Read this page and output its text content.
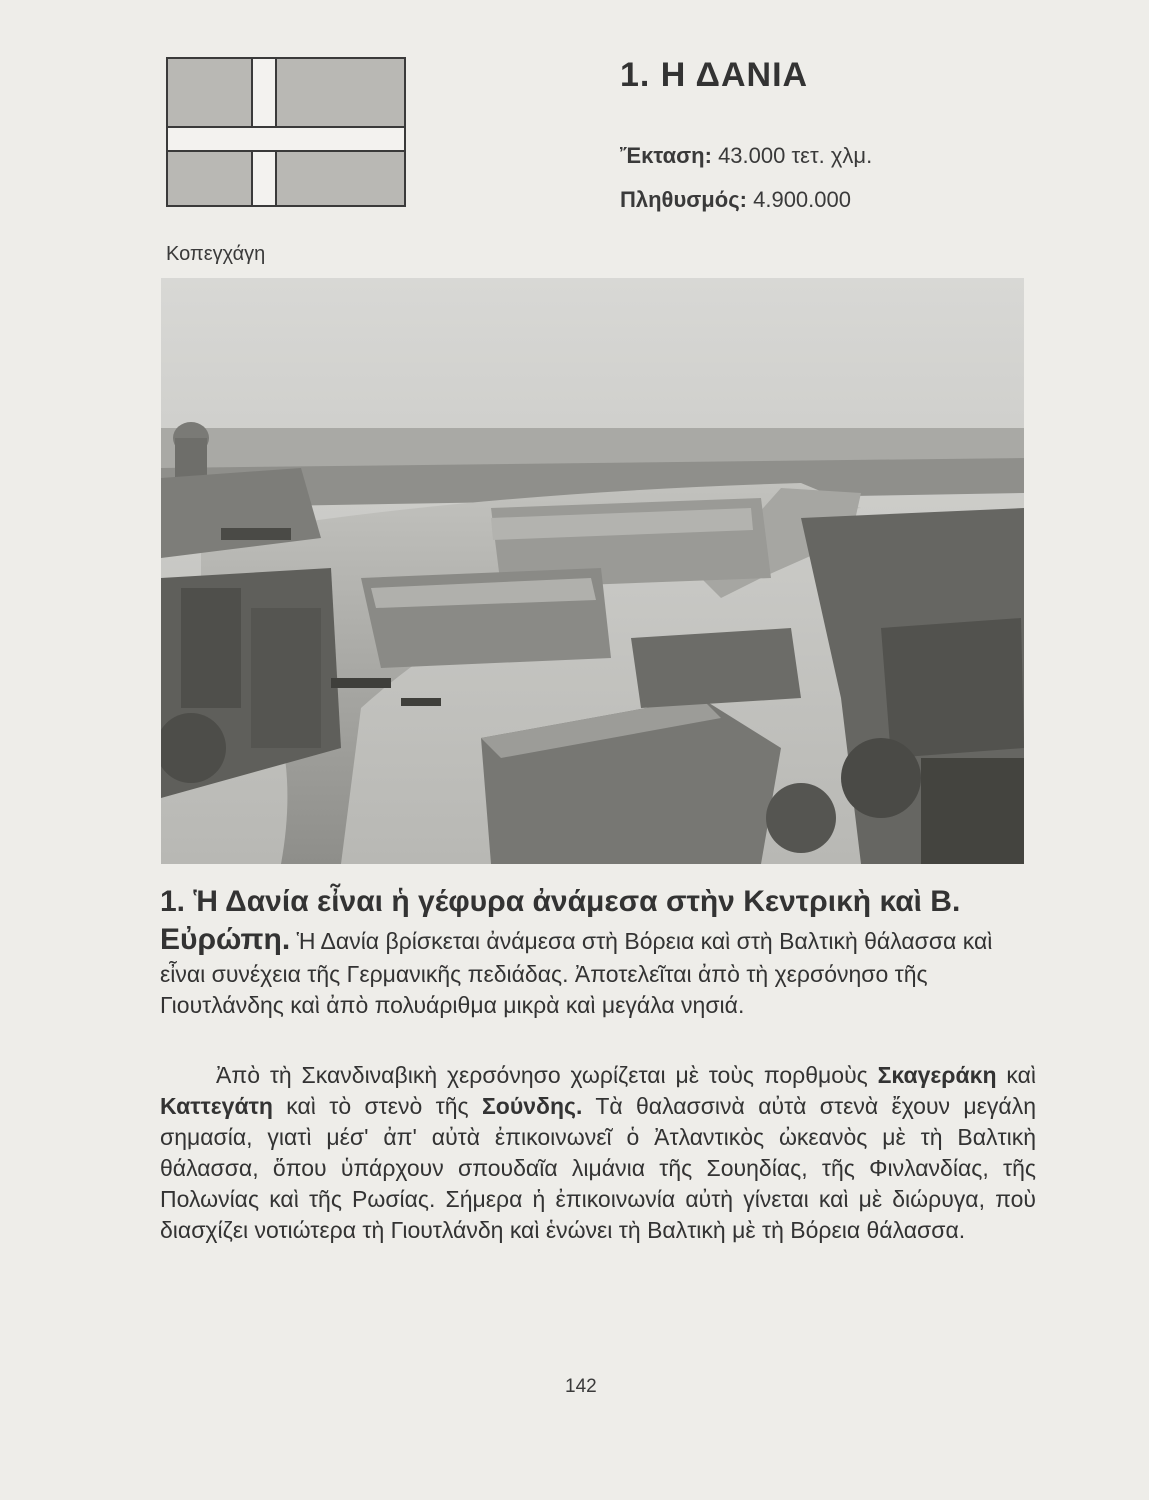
1. Η ΔΑΝΙΑ
Ἔκταση: 43.000 τετ. χλμ.
Πληθυσμός: 4.900.000
Κοπεγχάγη
1. Ἡ Δανία εἶναι ἡ γέφυρα ἀνάμεσα στὴν Κεντρικὴ καὶ Β. Εὐρώπη. Ἡ Δανία βρίσκεται ἀνάμεσα στὴ Βόρεια καὶ στὴ Βαλτικὴ θάλασσα καὶ εἶναι συνέχεια τῆς Γερμανικῆς πεδιάδας. Ἀποτελεῖται ἀπὸ τὴ χερσόνησο τῆς Γιουτλάνδης καὶ ἀπὸ πολυάριθμα μικρὰ καὶ μεγάλα νησιά.
Ἀπὸ τὴ Σκανδιναβικὴ χερσόνησο χωρίζεται μὲ τοὺς πορθμοὺς Σκαγεράκη καὶ Καττεγάτη καὶ τὸ στενὸ τῆς Σούνδης. Τὰ θαλασσινὰ αὐτὰ στενὰ ἔχουν μεγάλη σημασία, γιατὶ μέσ' ἀπ' αὐτὰ ἐπικοινωνεῖ ὁ Ἀτλαντικὸς ὠκεανὸς μὲ τὴ Βαλτικὴ θάλασσα, ὅπου ὑπάρχουν σπουδαῖα λιμάνια τῆς Σουηδίας, τῆς Φινλανδίας, τῆς Πολωνίας καὶ τῆς Ρωσίας. Σήμερα ἡ ἐπικοινωνία αὐτὴ γίνεται καὶ μὲ διώρυγα, ποὺ διασχίζει νοτιώτερα τὴ Γιουτλάνδη καὶ ἑνώνει τὴ Βαλτικὴ μὲ τὴ Βόρεια θάλασσα.
142
